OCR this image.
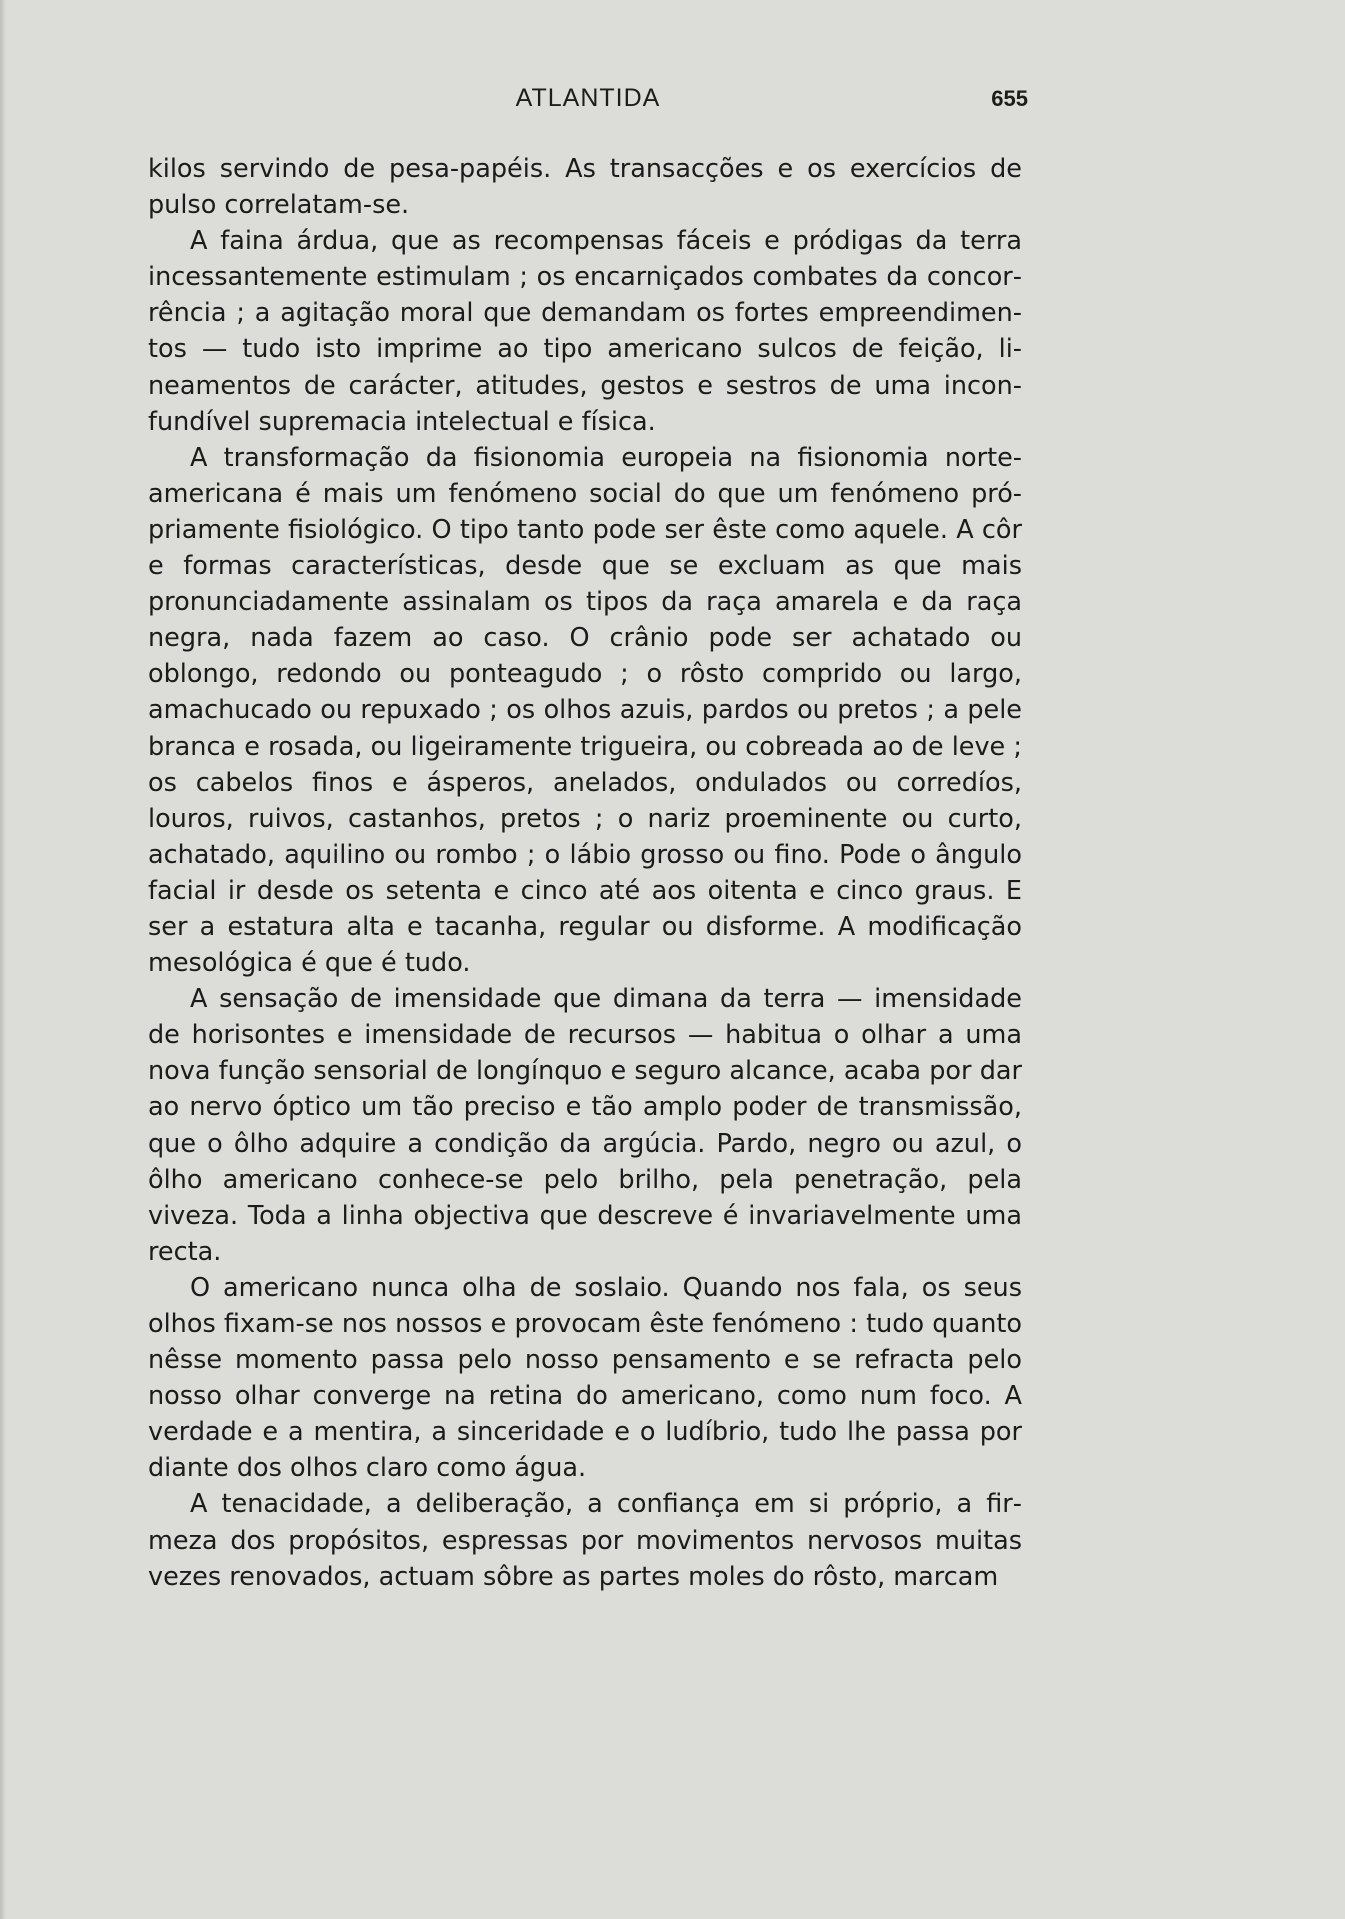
ATLANTIDA	655

kilos servindo de pesa-papéis. As transacções e os exercícios de pulso correlatam-se.

A faina árdua, que as recompensas fáceis e pródigas da terra incessantemente estimulam ; os encarniçados combates da concorrência ; a agitação moral que demandam os fortes empreendimentos — tudo isto imprime ao tipo americano sulcos de feição, lineamentos de carácter, atitudes, gestos e sestros de uma inconfundível supremacia intelectual e física.

A transformação da fisionomia europeia na fisionomia norte-americana é mais um fenómeno social do que um fenómeno própriamente fisiológico. O tipo tanto pode ser êste como aquele. A côr e formas características, desde que se excluam as que mais pronunciadamente assinalam os tipos da raça amarela e da raça negra, nada fazem ao caso. O crânio pode ser achatado ou oblongo, redondo ou ponteagudo ; o rôsto comprido ou largo, amachucado ou repuxado ; os olhos azuis, pardos ou pretos ; a pele branca e rosada, ou ligeiramente trigueira, ou cobreada ao de leve ; os cabelos finos e ásperos, anelados, ondulados ou corredíos, louros, ruivos, castanhos, pretos ; o nariz proeminente ou curto, achatado, aquilino ou rombo ; o lábio grosso ou fino. Pode o ângulo facial ir desde os setenta e cinco até aos oitenta e cinco graus. E ser a estatura alta e tacanha, regular ou disforme. A modificação mesológica é que é tudo.

A sensação de imensidade que dimana da terra — imensidade de horisontes e imensidade de recursos — habitua o olhar a uma nova função sensorial de longínquo e seguro alcance, acaba por dar ao nervo óptico um tão preciso e tão amplo poder de transmissão, que o ôlho adquire a condição da argúcia. Pardo, negro ou azul, o ôlho americano conhece-se pelo brilho, pela penetração, pela viveza. Toda a linha objectiva que descreve é invariavelmente uma recta.

O americano nunca olha de soslaio. Quando nos fala, os seus olhos fixam-se nos nossos e provocam êste fenómeno : tudo quanto nêsse momento passa pelo nosso pensamento e se refracta pelo nosso olhar converge na retina do americano, como num foco. A verdade e a mentira, a sinceridade e o ludíbrio, tudo lhe passa por diante dos olhos claro como água.

A tenacidade, a deliberação, a confiança em si próprio, a firmeza dos propósitos, espressas por movimentos nervosos muitas vezes renovados, actuam sôbre as partes moles do rôsto, marcam
